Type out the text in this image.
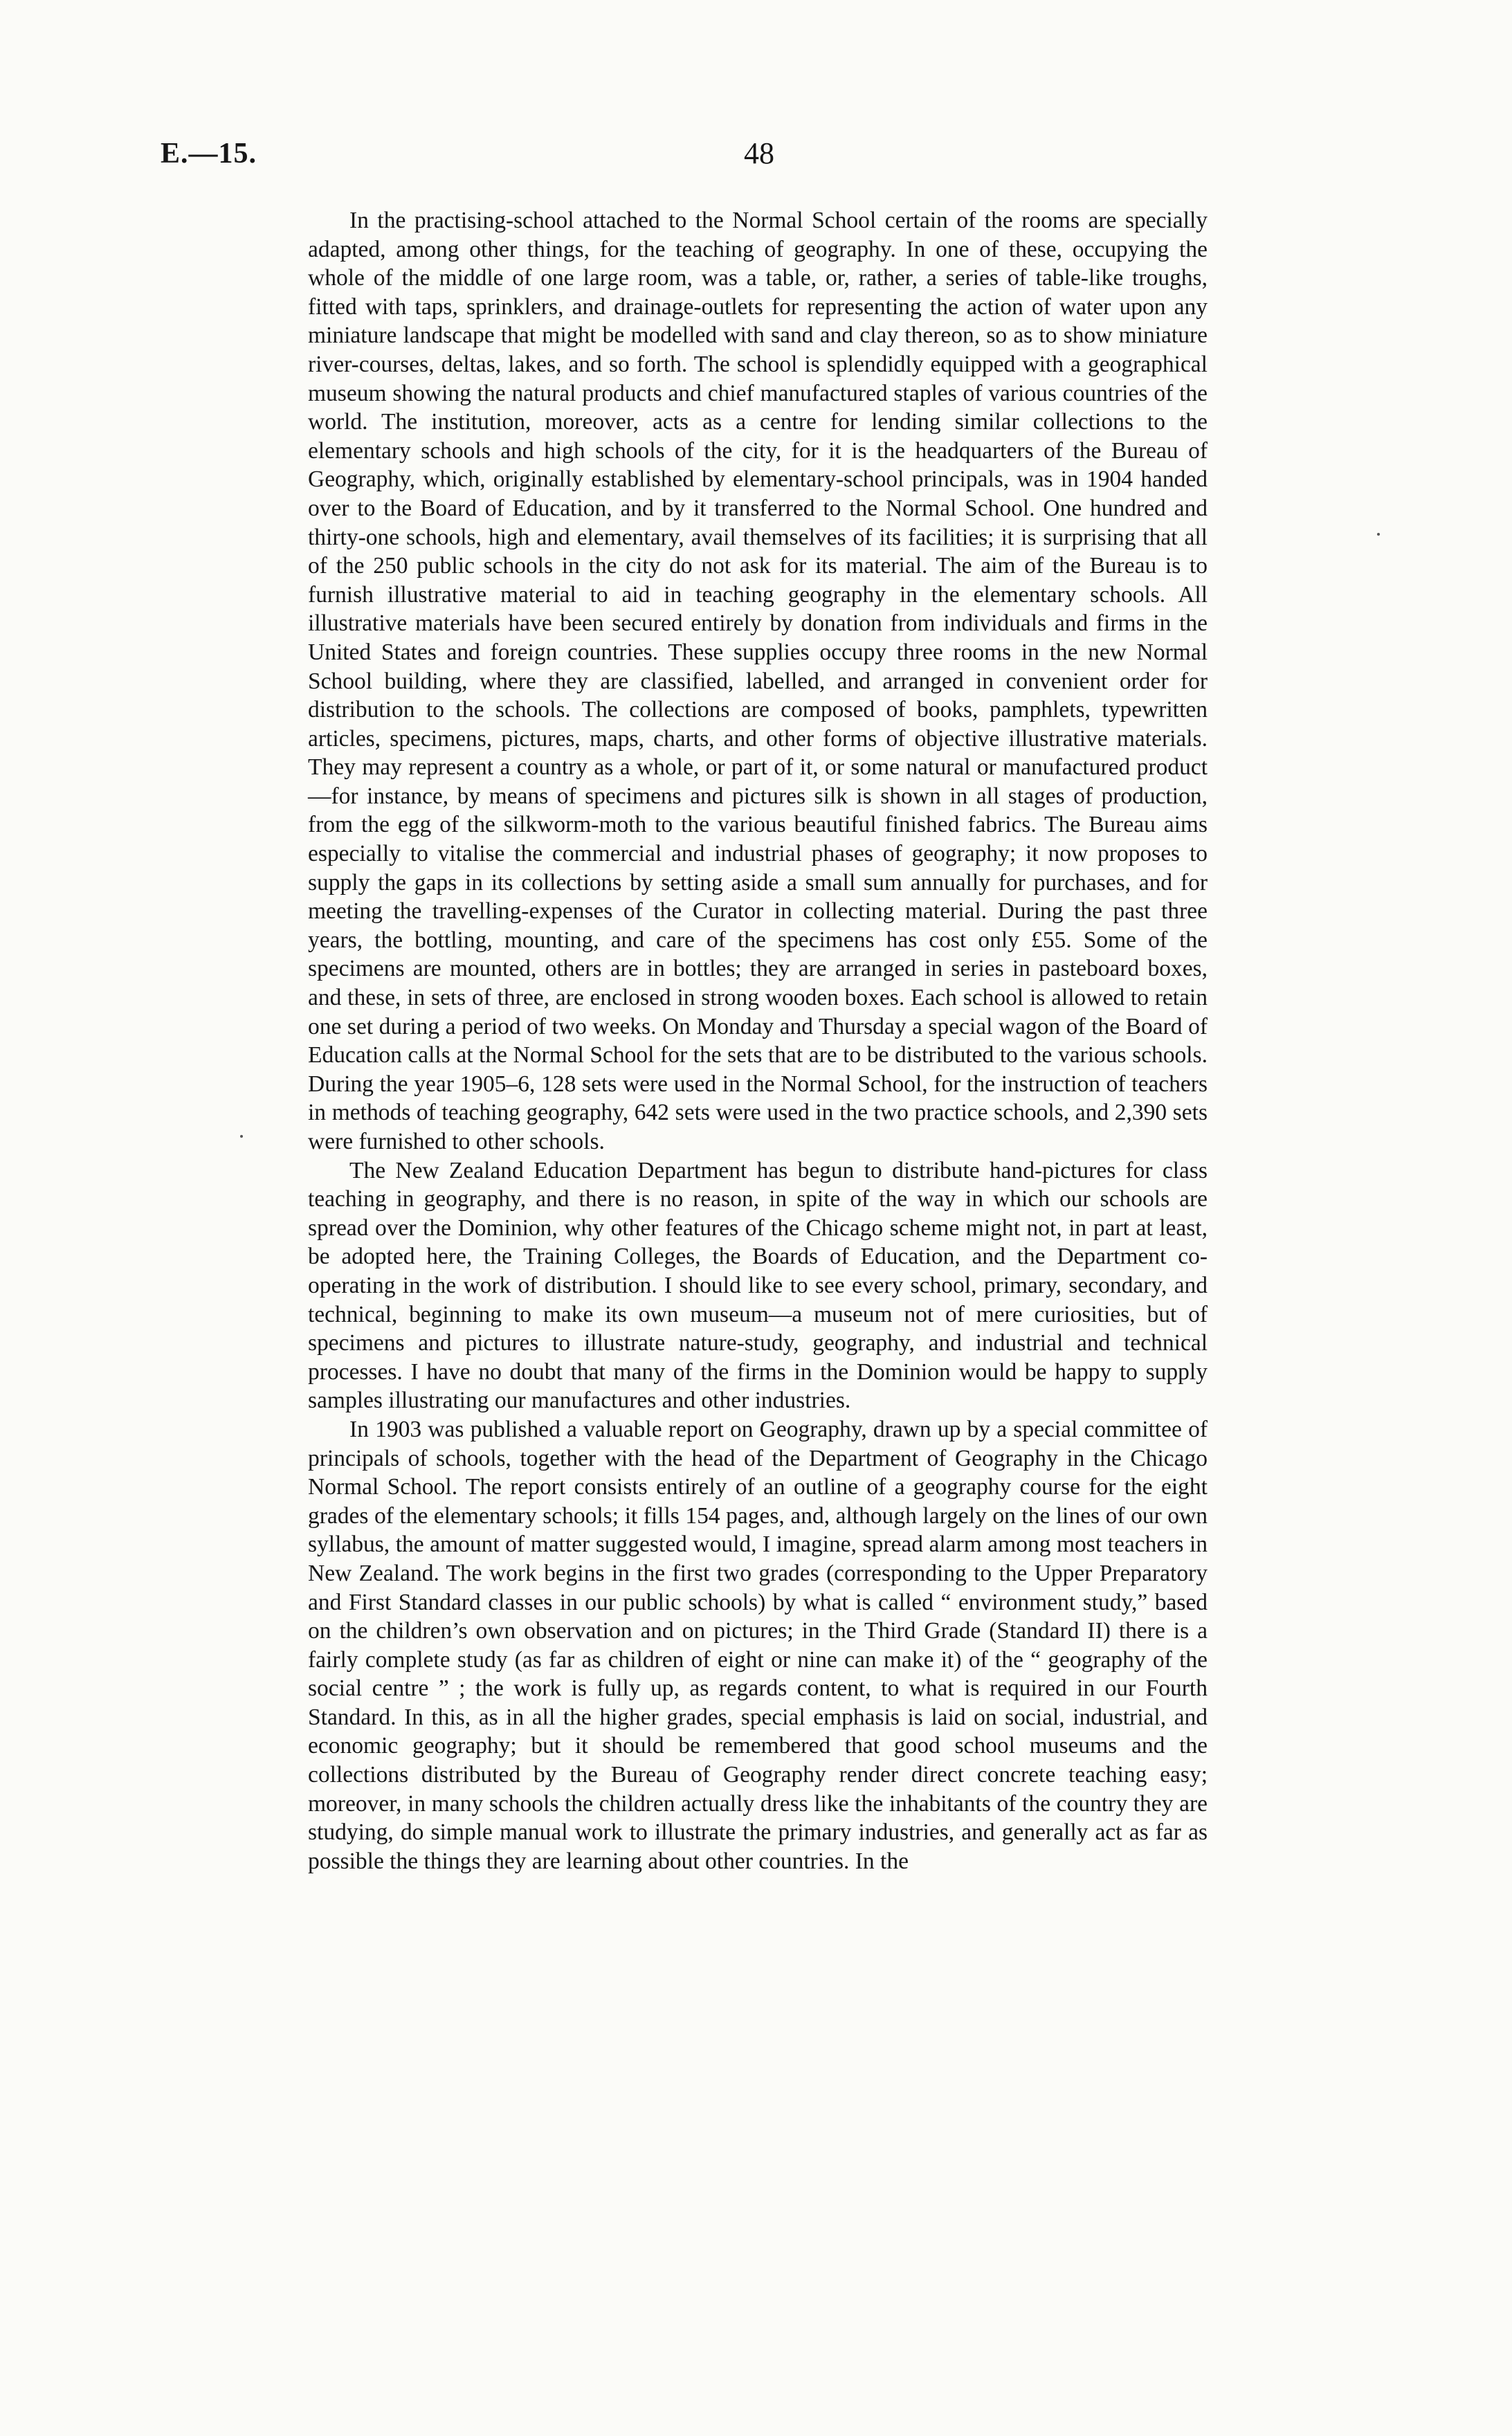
E.—15.	48

In the practising-school attached to the Normal School certain of the rooms are specially adapted, among other things, for the teaching of geography. In one of these, occupying the whole of the middle of one large room, was a table, or, rather, a series of table-like troughs, fitted with taps, sprinklers, and drainage-outlets for representing the action of water upon any miniature landscape that might be modelled with sand and clay thereon, so as to show miniature river-courses, deltas, lakes, and so forth. The school is splendidly equipped with a geographical museum showing the natural products and chief manufactured staples of various countries of the world. The institution, moreover, acts as a centre for lending similar collections to the elementary schools and high schools of the city, for it is the headquarters of the Bureau of Geography, which, originally established by elementary-school principals, was in 1904 handed over to the Board of Education, and by it transferred to the Normal School. One hundred and thirty-one schools, high and elementary, avail themselves of its facilities; it is surprising that all of the 250 public schools in the city do not ask for its material. The aim of the Bureau is to furnish illustrative material to aid in teaching geography in the elementary schools. All illustrative materials have been secured entirely by donation from individuals and firms in the United States and foreign countries. These supplies occupy three rooms in the new Normal School building, where they are classified, labelled, and arranged in convenient order for distribution to the schools. The collections are composed of books, pamphlets, typewritten articles, specimens, pictures, maps, charts, and other forms of objective illustrative materials. They may represent a country as a whole, or part of it, or some natural or manufactured product—for instance, by means of specimens and pictures silk is shown in all stages of production, from the egg of the silkworm-moth to the various beautiful finished fabrics. The Bureau aims especially to vitalise the commercial and industrial phases of geography; it now proposes to supply the gaps in its collections by setting aside a small sum annually for purchases, and for meeting the travelling-expenses of the Curator in collecting material. During the past three years, the bottling, mounting, and care of the specimens has cost only £55. Some of the specimens are mounted, others are in bottles; they are arranged in series in pasteboard boxes, and these, in sets of three, are enclosed in strong wooden boxes. Each school is allowed to retain one set during a period of two weeks. On Monday and Thursday a special wagon of the Board of Education calls at the Normal School for the sets that are to be distributed to the various schools. During the year 1905–6, 128 sets were used in the Normal School, for the instruction of teachers in methods of teaching geography, 642 sets were used in the two practice schools, and 2,390 sets were furnished to other schools.

The New Zealand Education Department has begun to distribute hand-pictures for class teaching in geography, and there is no reason, in spite of the way in which our schools are spread over the Dominion, why other features of the Chicago scheme might not, in part at least, be adopted here, the Training Colleges, the Boards of Education, and the Department cooperating in the work of distribution. I should like to see every school, primary, secondary, and technical, beginning to make its own museum—a museum not of mere curiosities, but of specimens and pictures to illustrate nature-study, geography, and industrial and technical processes. I have no doubt that many of the firms in the Dominion would be happy to supply samples illustrating our manufactures and other industries.

In 1903 was published a valuable report on Geography, drawn up by a special committee of principals of schools, together with the head of the Department of Geography in the Chicago Normal School. The report consists entirely of an outline of a geography course for the eight grades of the elementary schools; it fills 154 pages, and, although largely on the lines of our own syllabus, the amount of matter suggested would, I imagine, spread alarm among most teachers in New Zealand. The work begins in the first two grades (corresponding to the Upper Preparatory and First Standard classes in our public schools) by what is called “ environment study,” based on the children’s own observation and on pictures; in the Third Grade (Standard II) there is a fairly complete study (as far as children of eight or nine can make it) of the “ geography of the social centre ” ; the work is fully up, as regards content, to what is required in our Fourth Standard. In this, as in all the higher grades, special emphasis is laid on social, industrial, and economic geography; but it should be remembered that good school museums and the collections distributed by the Bureau of Geography render direct concrete teaching easy; moreover, in many schools the children actually dress like the inhabitants of the country they are studying, do simple manual work to illustrate the primary industries, and generally act as far as possible the things they are learning about other countries. In the
